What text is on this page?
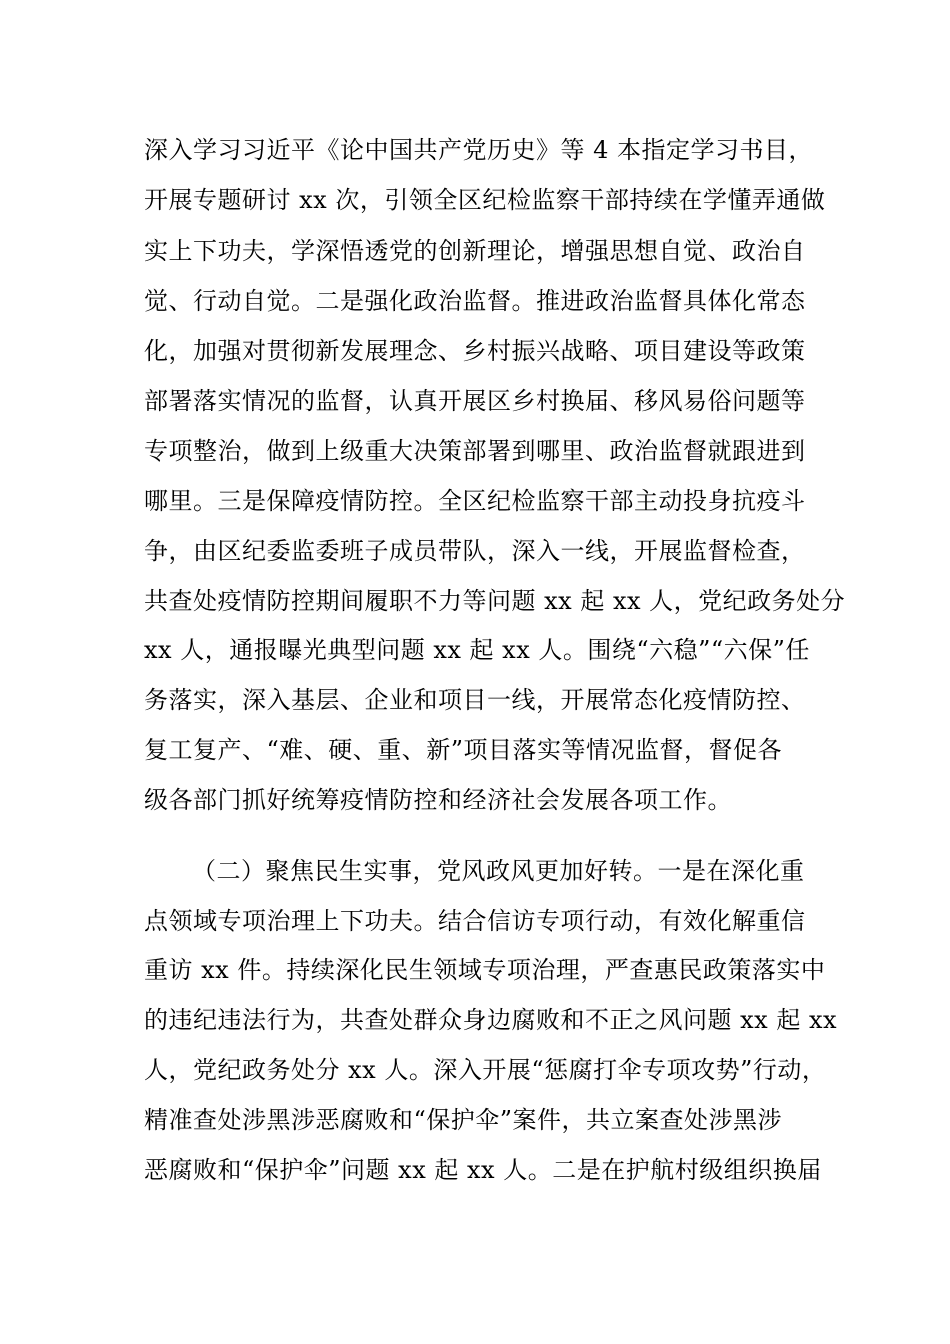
深入学习习近平《论中国共产党历史》等 4 本指定学习书目，
开展专题研讨 xx 次，引领全区纪检监察干部持续在学懂弄通做
实上下功夫，学深悟透党的创新理论，增强思想自觉、政治自
觉、行动自觉。二是强化政治监督。推进政治监督具体化常态
化，加强对贯彻新发展理念、乡村振兴战略、项目建设等政策
部署落实情况的监督，认真开展区乡村换届、移风易俗问题等
专项整治，做到上级重大决策部署到哪里、政治监督就跟进到
哪里。三是保障疫情防控。全区纪检监察干部主动投身抗疫斗
争，由区纪委监委班子成员带队，深入一线，开展监督检查，
共查处疫情防控期间履职不力等问题 xx 起 xx 人，党纪政务处分
xx 人，通报曝光典型问题 xx 起 xx 人。围绕“六稳”“六保”任
务落实，深入基层、企业和项目一线，开展常态化疫情防控、
复工复产、“难、硬、重、新”项目落实等情况监督，督促各
级各部门抓好统筹疫情防控和经济社会发展各项工作。
（二）聚焦民生实事，党风政风更加好转。一是在深化重
点领域专项治理上下功夫。结合信访专项行动，有效化解重信
重访 xx 件。持续深化民生领域专项治理，严查惠民政策落实中
的违纪违法行为，共查处群众身边腐败和不正之风问题 xx 起 xx
人，党纪政务处分 xx 人。深入开展“惩腐打伞专项攻势”行动，
精准查处涉黑涉恶腐败和“保护伞”案件，共立案查处涉黑涉
恶腐败和“保护伞”问题 xx 起 xx 人。二是在护航村级组织换届
